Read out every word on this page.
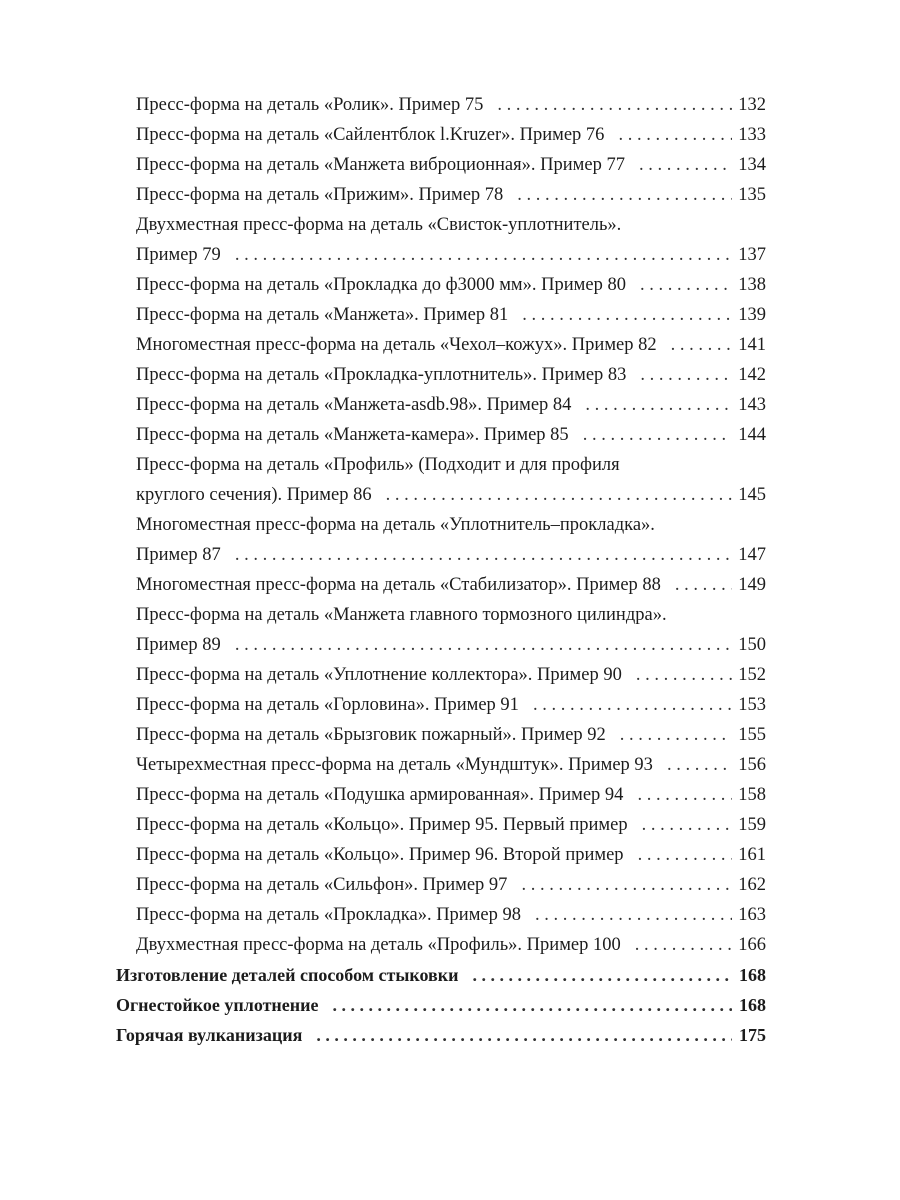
Пресс-форма на деталь «Ролик». Пример 75 . . .	132
Пресс-форма на деталь «Сайлентблок l.Kruzer». Пример 76 . . .	133
Пресс-форма на деталь «Манжета виброционная». Пример 77 . . .	134
Пресс-форма на деталь «Прижим». Пример 78 . . .	135
Двухместная пресс-форма на деталь «Свисток-уплотнитель».
Пример 79 . . .	137
Пресс-форма на деталь «Прокладка до ф3000 мм». Пример 80 . . .	138
Пресс-форма на деталь «Манжета». Пример 81 . . .	139
Многоместная пресс-форма на деталь «Чехол–кожух». Пример 82 . . .	141
Пресс-форма на деталь «Прокладка-уплотнитель». Пример 83 . . .	142
Пресс-форма на деталь «Манжета-asdb.98». Пример 84 . . .	143
Пресс-форма на деталь «Манжета-камера». Пример 85 . . .	144
Пресс-форма на деталь «Профиль» (Подходит и для профиля
круглого сечения). Пример 86 . . .	145
Многоместная пресс-форма на деталь «Уплотнитель–прокладка».
Пример 87 . . .	147
Многоместная пресс-форма на деталь «Стабилизатор». Пример 88 . . .	149
Пресс-форма на деталь «Манжета главного тормозного цилиндра».
Пример 89 . . .	150
Пресс-форма на деталь «Уплотнение коллектора». Пример 90 . . .	152
Пресс-форма на деталь «Горловина». Пример 91 . . .	153
Пресс-форма на деталь «Брызговик пожарный». Пример 92 . . .	155
Четырехместная пресс-форма на деталь «Мундштук». Пример 93 . . .	156
Пресс-форма на деталь «Подушка армированная». Пример 94 . . .	158
Пресс-форма на деталь «Кольцо». Пример 95. Первый пример . . .	159
Пресс-форма на деталь «Кольцо». Пример 96. Второй пример . . .	161
Пресс-форма на деталь «Сильфон». Пример 97 . . .	162
Пресс-форма на деталь «Прокладка». Пример 98 . . .	163
Двухместная пресс-форма на деталь «Профиль». Пример 100 . . .	166
Изготовление деталей способом стыковки . . .	168
Огнестойкое уплотнение . . .	168
Горячая вулканизация . . .	175
